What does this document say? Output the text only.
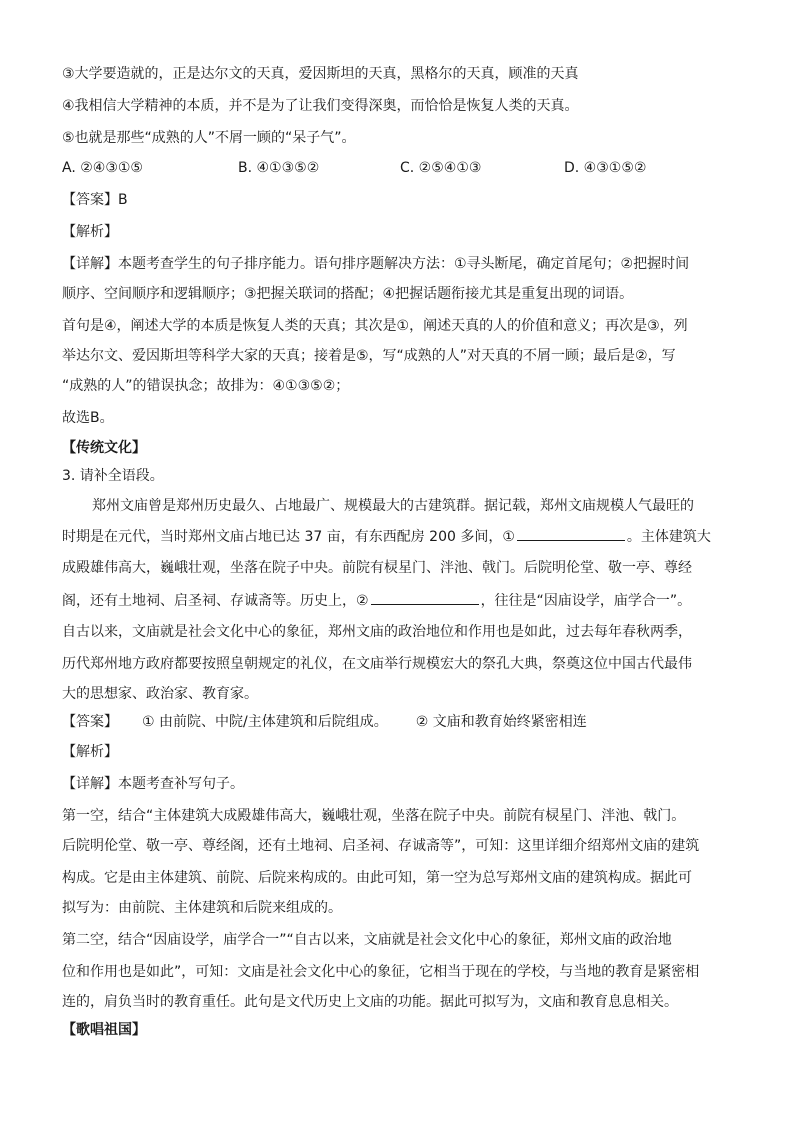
③大学要造就的，正是达尔文的天真，爱因斯坦的天真，黑格尔的天真，顾准的天真
④我相信大学精神的本质，并不是为了让我们变得深奥，而恰恰是恢复人类的天真。
⑤也就是那些“成熟的人”不屑一顾的“呆子气”。
A. ②④③①⑤	B. ④①③⑤②	C. ②⑤④①③	D. ④③①⑤②
【答案】B
【解析】
【详解】本题考查学生的句子排序能力。语句排序题解决方法：①寻头断尾，确定首尾句；②把握时间
顺序、空间顺序和逻辑顺序；③把握关联词的搭配；④把握话题衔接尤其是重复出现的词语。
首句是④，阐述大学的本质是恢复人类的天真；其次是①，阐述天真的人的价值和意义；再次是③，列
举达尔文、爱因斯坦等科学大家的天真；接着是⑤，写“成熟的人”对天真的不屑一顾；最后是②，写
“成熟的人”的错误执念；故排为：④①③⑤②；
故选B。
【传统文化】
3. 请补全语段。
郑州文庙曾是郑州历史最久、占地最广、规模最大的古建筑群。据记载，郑州文庙规模人气最旺的
时期是在元代，当时郑州文庙占地已达 37 亩，有东西配房 200 多间，①	。主体建筑大
成殿雄伟高大，巍峨壮观，坐落在院子中央。前院有棂星门、泮池、戟门。后院明伦堂、敬一亭、尊经
阁，还有土地祠、启圣祠、存诚斋等。历史上，②	，往往是“因庙设学，庙学合一”。
自古以来，文庙就是社会文化中心的象征，郑州文庙的政治地位和作用也是如此，过去每年春秋两季，
历代郑州地方政府都要按照皇朝规定的礼仪，在文庙举行规模宏大的祭孔大典，祭奠这位中国古代最伟
大的思想家、政治家、教育家。
【答案】 ① 由前院、中院/主体建筑和后院组成。 ② 文庙和教育始终紧密相连
【解析】
【详解】本题考查补写句子。
第一空，结合“主体建筑大成殿雄伟高大，巍峨壮观，坐落在院子中央。前院有棂星门、泮池、戟门。
后院明伦堂、敬一亭、尊经阁，还有土地祠、启圣祠、存诚斋等”，可知：这里详细介绍郑州文庙的建筑
构成。它是由主体建筑、前院、后院来构成的。由此可知，第一空为总写郑州文庙的建筑构成。据此可
拟写为：由前院、主体建筑和后院来组成的。
第二空，结合“因庙设学，庙学合一”“自古以来，文庙就是社会文化中心的象征，郑州文庙的政治地
位和作用也是如此”，可知：文庙是社会文化中心的象征，它相当于现在的学校，与当地的教育是紧密相
连的，肩负当时的教育重任。此句是文代历史上文庙的功能。据此可拟写为，文庙和教育息息相关。
【歌唱祖国】
